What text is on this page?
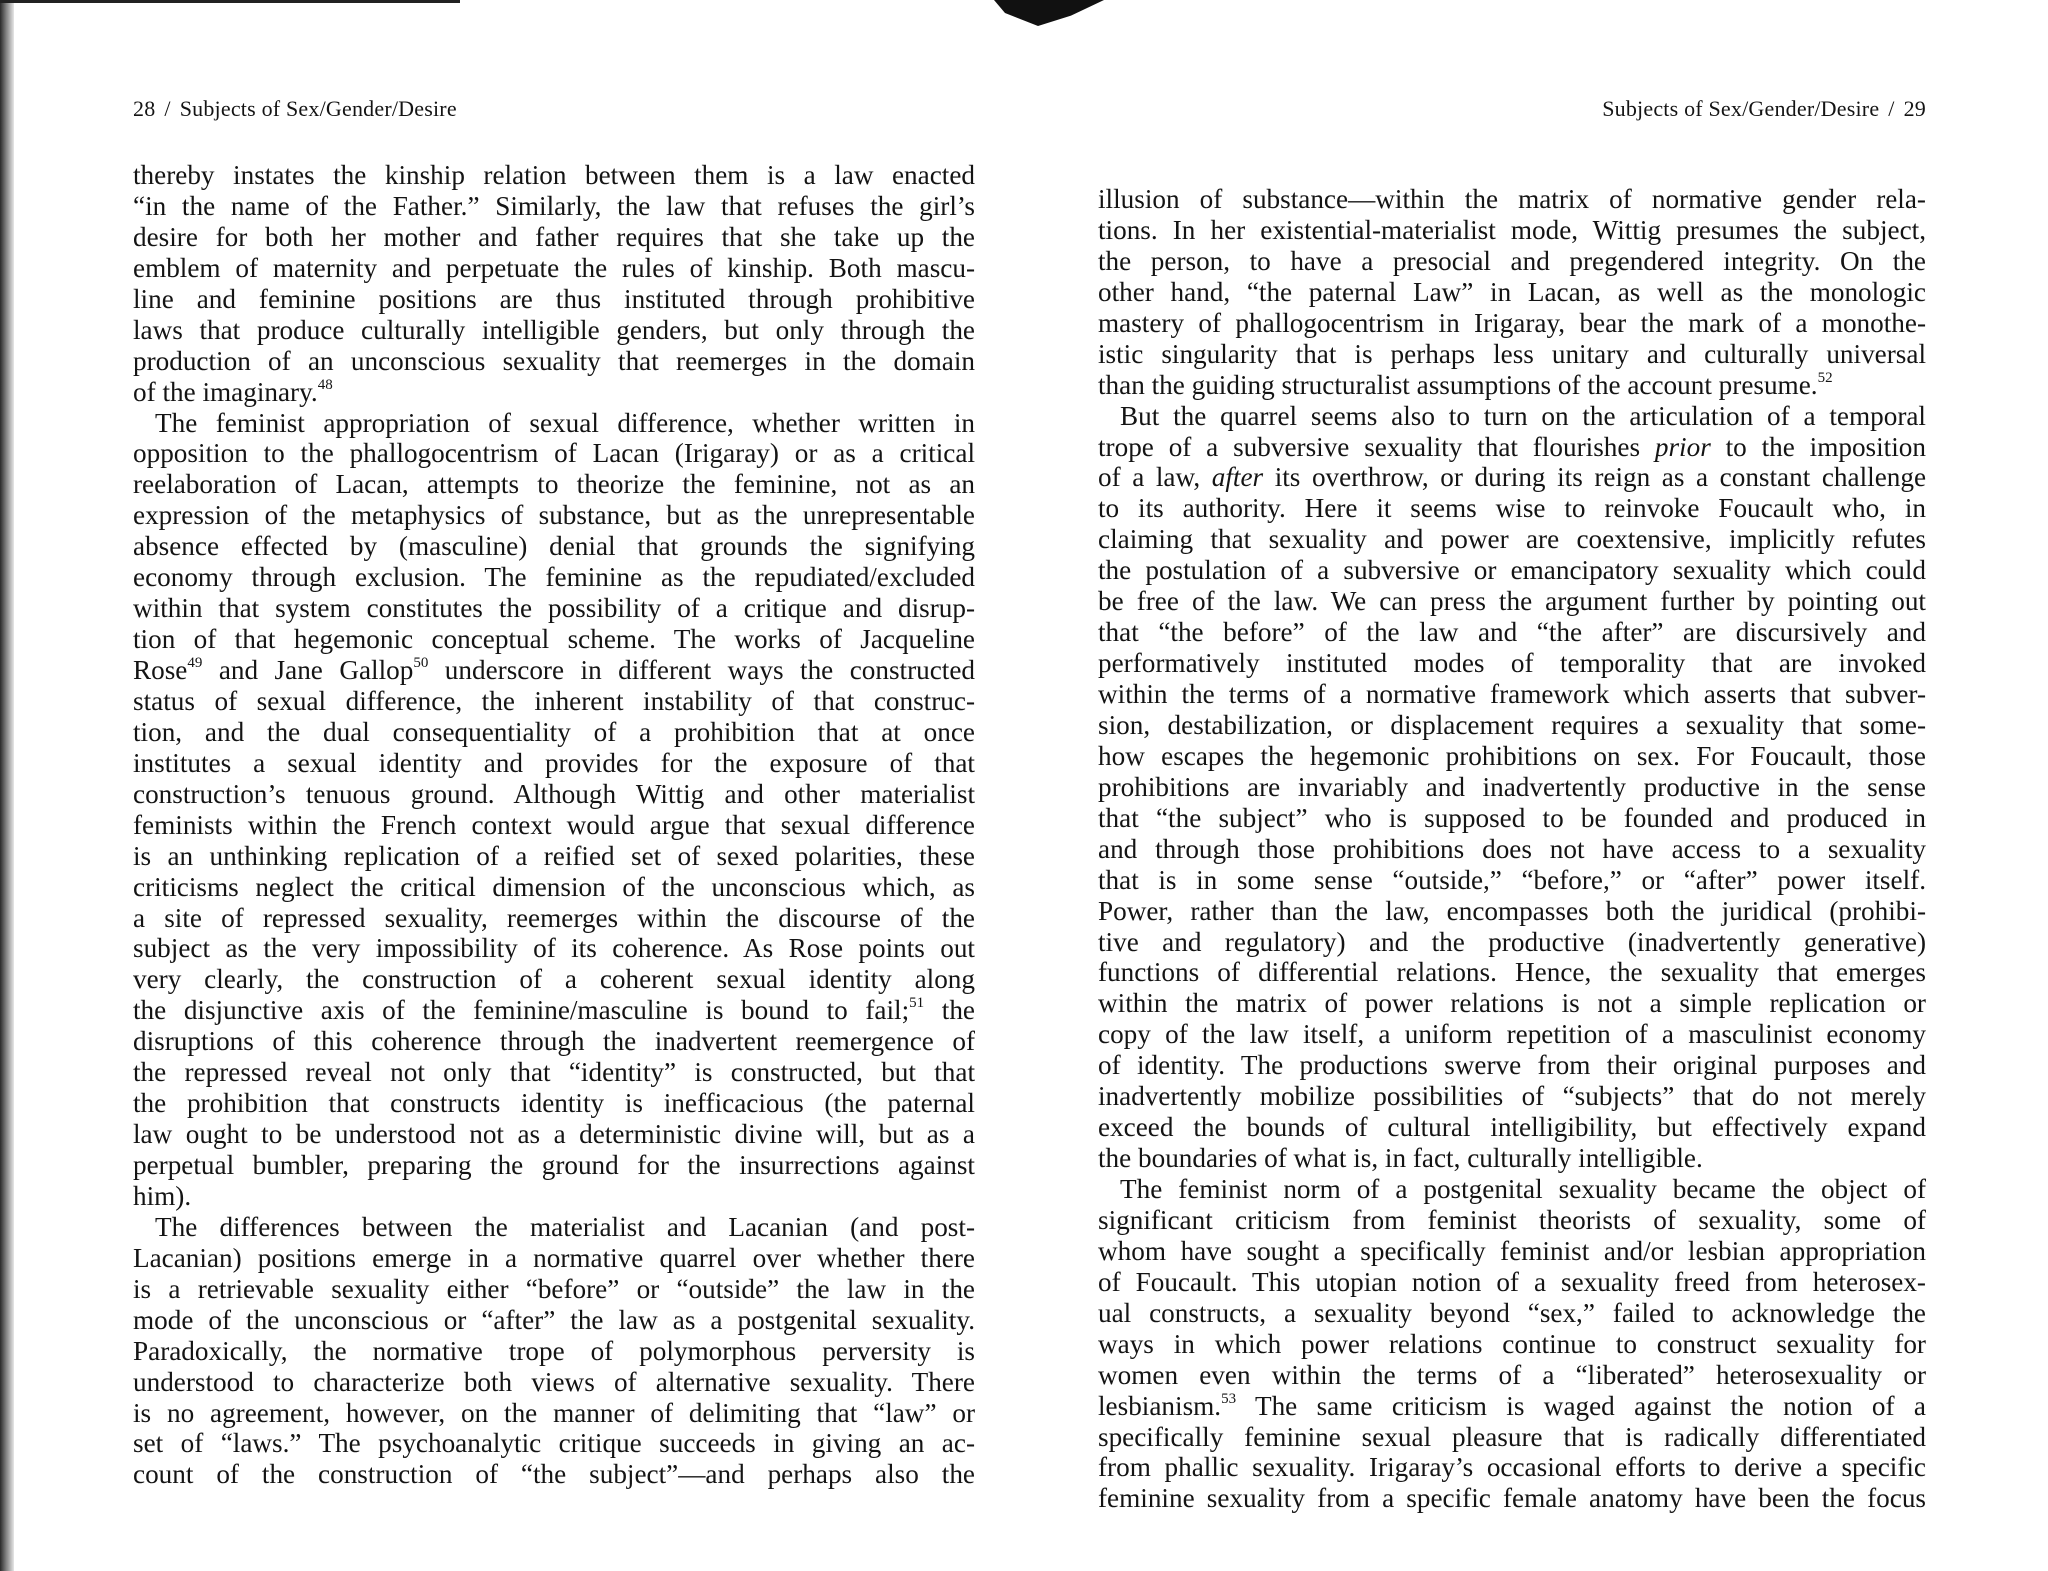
28 / Subjects of Sex/Gender/Desire
thereby instates the kinship relation between them is a law enacted
“in the name of the Father.” Similarly, the law that refuses the girl’s
desire for both her mother and father requires that she take up the
emblem of maternity and perpetuate the rules of kinship. Both mascu-
line and feminine positions are thus instituted through prohibitive
laws that produce culturally intelligible genders, but only through the
production of an unconscious sexuality that reemerges in the domain
of the imaginary.$^{48}$
The feminist appropriation of sexual difference, whether written in
opposition to the phallogocentrism of Lacan (Irigaray) or as a critical
reelaboration of Lacan, attempts to theorize the feminine, not as an
expression of the metaphysics of substance, but as the unrepresentable
absence effected by (masculine) denial that grounds the signifying
economy through exclusion. The feminine as the repudiated/excluded
within that system constitutes the possibility of a critique and disrup-
tion of that hegemonic conceptual scheme. The works of Jacqueline
Rose$^{49}$ and Jane Gallop$^{50}$ underscore in different ways the constructed
status of sexual difference, the inherent instability of that construc-
tion, and the dual consequentiality of a prohibition that at once
institutes a sexual identity and provides for the exposure of that
construction’s tenuous ground. Although Wittig and other materialist
feminists within the French context would argue that sexual difference
is an unthinking replication of a reified set of sexed polarities, these
criticisms neglect the critical dimension of the unconscious which, as
a site of repressed sexuality, reemerges within the discourse of the
subject as the very impossibility of its coherence. As Rose points out
very clearly, the construction of a coherent sexual identity along
the disjunctive axis of the feminine/masculine is bound to fail;$^{51}$ the
disruptions of this coherence through the inadvertent reemergence of
the repressed reveal not only that “identity” is constructed, but that
the prohibition that constructs identity is inefficacious (the paternal
law ought to be understood not as a deterministic divine will, but as a
perpetual bumbler, preparing the ground for the insurrections against
him).
The differences between the materialist and Lacanian (and post-
Lacanian) positions emerge in a normative quarrel over whether there
is a retrievable sexuality either “before” or “outside” the law in the
mode of the unconscious or “after” the law as a postgenital sexuality.
Paradoxically, the normative trope of polymorphous perversity is
understood to characterize both views of alternative sexuality. There
is no agreement, however, on the manner of delimiting that “law” or
set of “laws.” The psychoanalytic critique succeeds in giving an ac-
count of the construction of “the subject”—and perhaps also the
Subjects of Sex/Gender/Desire / 29
illusion of substance—within the matrix of normative gender rela-
tions. In her existential-materialist mode, Wittig presumes the subject,
the person, to have a presocial and pregendered integrity. On the
other hand, “the paternal Law” in Lacan, as well as the monologic
mastery of phallogocentrism in Irigaray, bear the mark of a monothe-
istic singularity that is perhaps less unitary and culturally universal
than the guiding structuralist assumptions of the account presume.$^{52}$
But the quarrel seems also to turn on the articulation of a temporal
trope of a subversive sexuality that flourishes prior to the imposition
of a law, after its overthrow, or during its reign as a constant challenge
to its authority. Here it seems wise to reinvoke Foucault who, in
claiming that sexuality and power are coextensive, implicitly refutes
the postulation of a subversive or emancipatory sexuality which could
be free of the law. We can press the argument further by pointing out
that “the before” of the law and “the after” are discursively and
performatively instituted modes of temporality that are invoked
within the terms of a normative framework which asserts that subver-
sion, destabilization, or displacement requires a sexuality that some-
how escapes the hegemonic prohibitions on sex. For Foucault, those
prohibitions are invariably and inadvertently productive in the sense
that “the subject” who is supposed to be founded and produced in
and through those prohibitions does not have access to a sexuality
that is in some sense “outside,” “before,” or “after” power itself.
Power, rather than the law, encompasses both the juridical (prohibi-
tive and regulatory) and the productive (inadvertently generative)
functions of differential relations. Hence, the sexuality that emerges
within the matrix of power relations is not a simple replication or
copy of the law itself, a uniform repetition of a masculinist economy
of identity. The productions swerve from their original purposes and
inadvertently mobilize possibilities of “subjects” that do not merely
exceed the bounds of cultural intelligibility, but effectively expand
the boundaries of what is, in fact, culturally intelligible.
The feminist norm of a postgenital sexuality became the object of
significant criticism from feminist theorists of sexuality, some of
whom have sought a specifically feminist and/or lesbian appropriation
of Foucault. This utopian notion of a sexuality freed from heterosex-
ual constructs, a sexuality beyond “sex,” failed to acknowledge the
ways in which power relations continue to construct sexuality for
women even within the terms of a “liberated” heterosexuality or
lesbianism.$^{53}$ The same criticism is waged against the notion of a
specifically feminine sexual pleasure that is radically differentiated
from phallic sexuality. Irigaray’s occasional efforts to derive a specific
feminine sexuality from a specific female anatomy have been the focus
